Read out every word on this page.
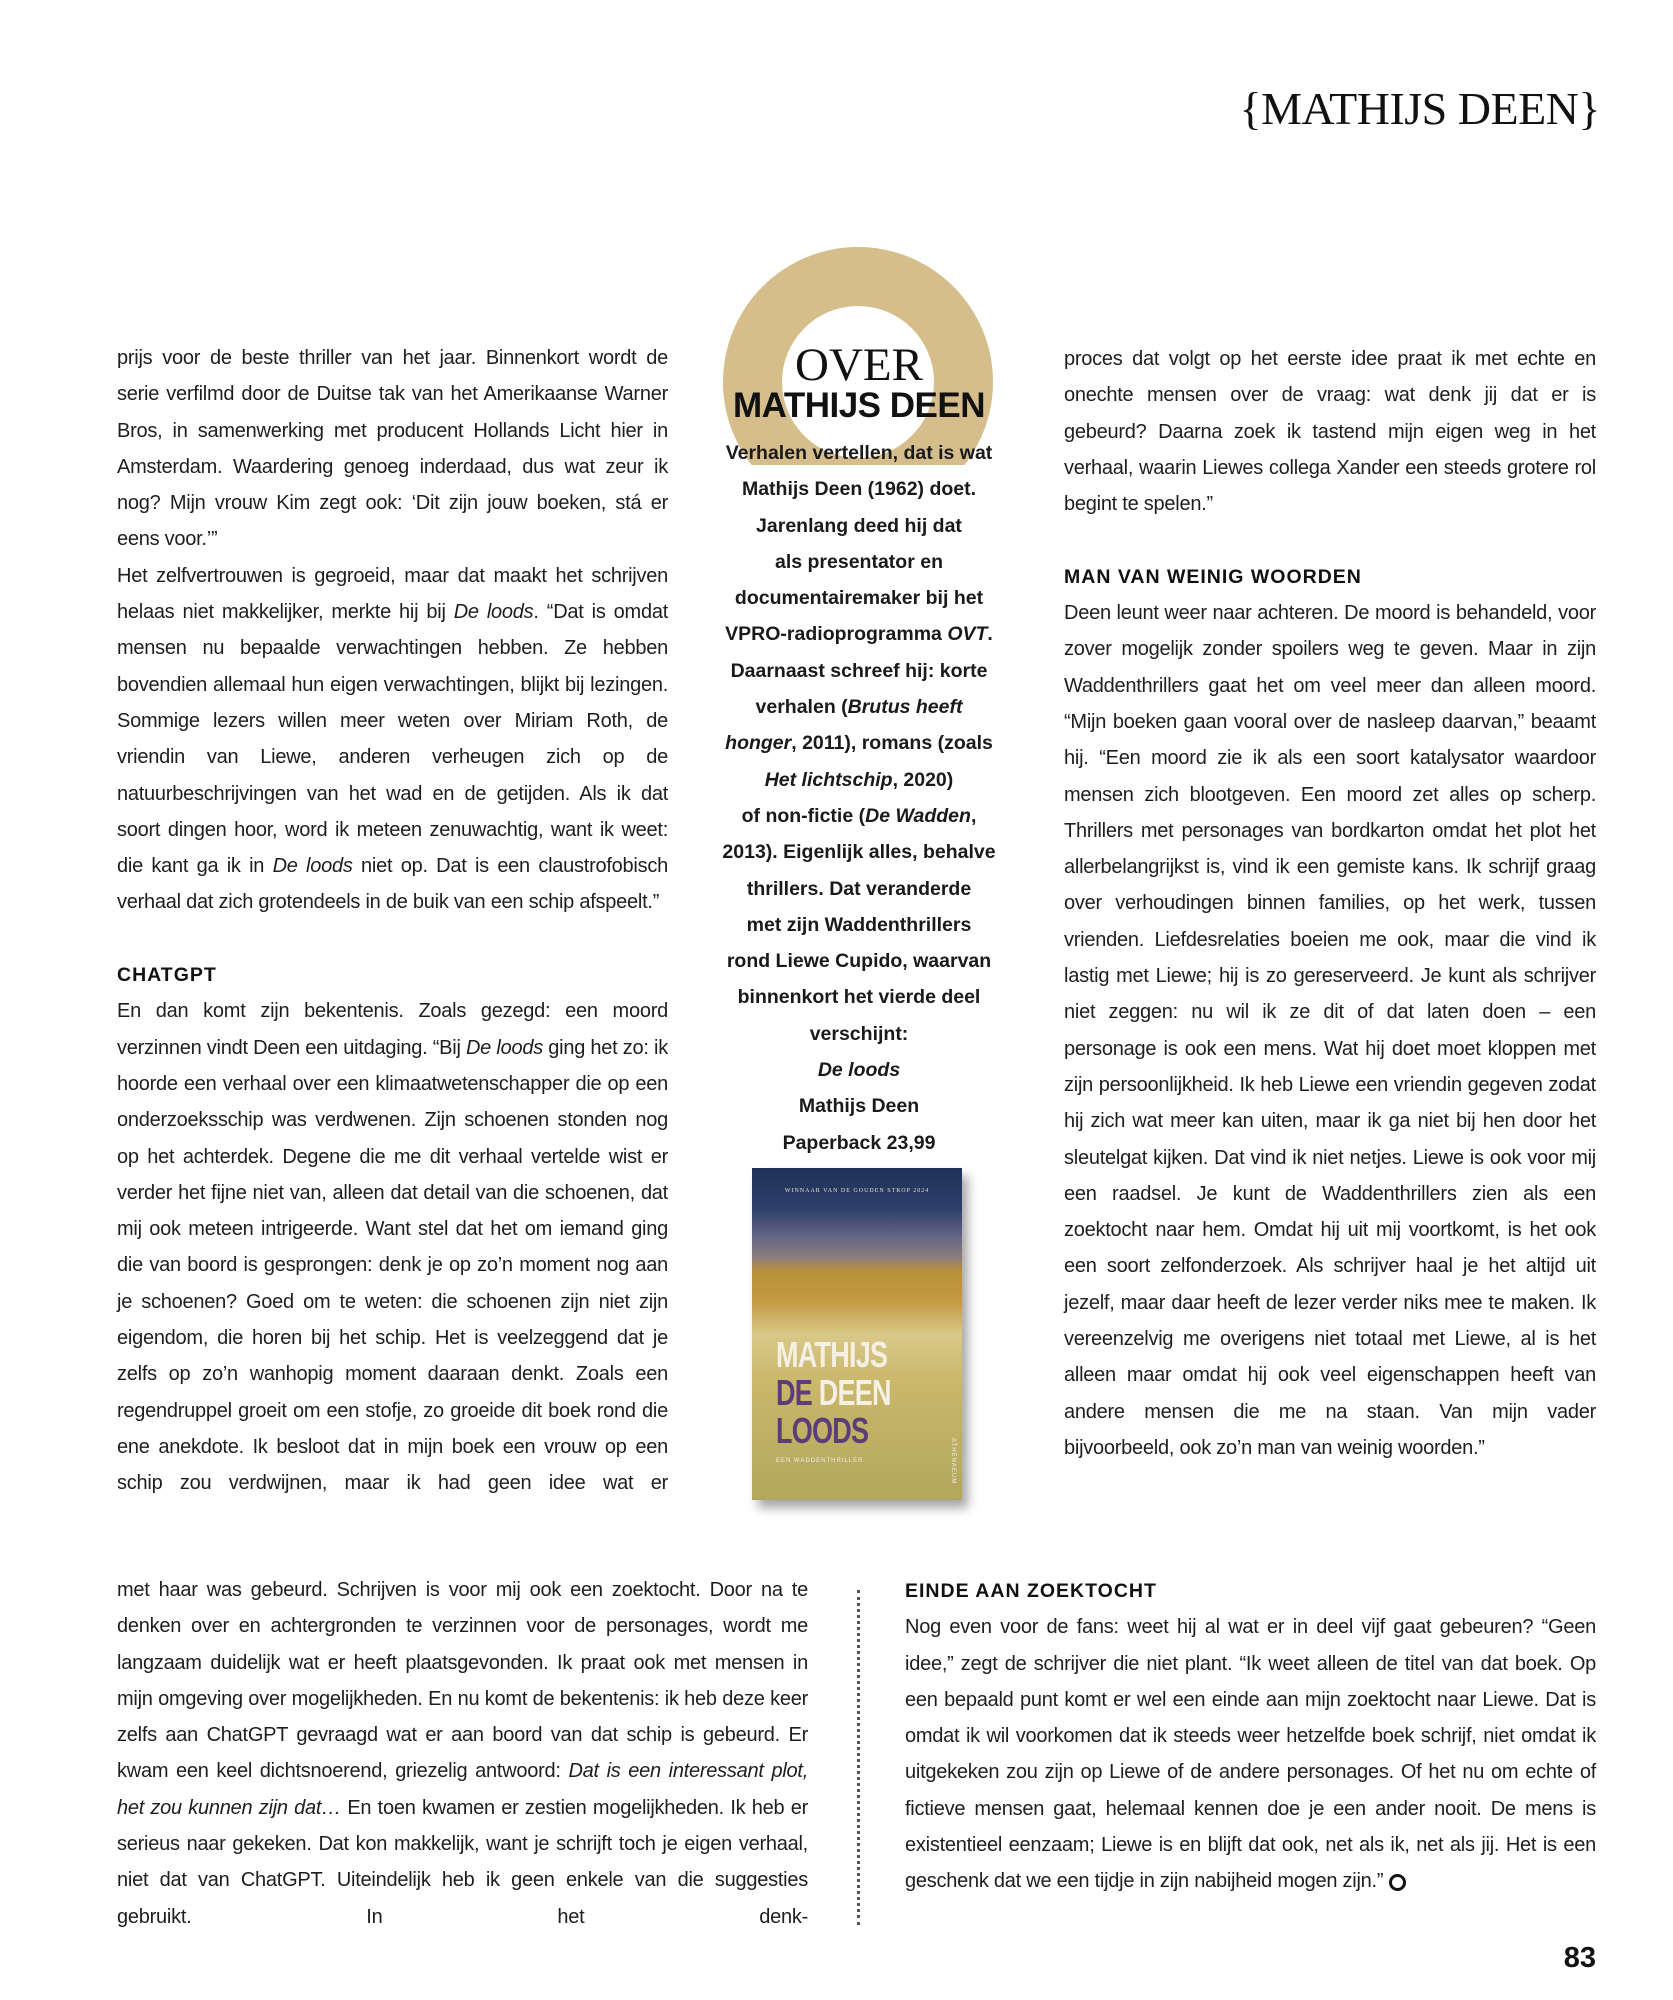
{MATHIJS DEEN}

prijs voor de beste thriller van het jaar. Binnenkort wordt de serie verfilmd door de Duitse tak van het Amerikaanse Warner Bros, in samenwerking met producent Hollands Licht hier in Amsterdam. Waardering genoeg inderdaad, dus wat zeur ik nog? Mijn vrouw Kim zegt ook: ‘Dit zijn jouw boeken, stá er eens voor.’”

Het zelfvertrouwen is gegroeid, maar dat maakt het schrijven helaas niet makkelijker, merkte hij bij De loods. “Dat is omdat mensen nu bepaalde verwachtingen hebben. Ze hebben bovendien allemaal hun eigen verwachtingen, blijkt bij lezingen. Sommige lezers willen meer weten over Miriam Roth, de vriendin van Liewe, anderen verheugen zich op de natuurbeschrijvingen van het wad en de getijden. Als ik dat soort dingen hoor, word ik meteen zenuwachtig, want ik weet: die kant ga ik in De loods niet op. Dat is een claustrofobisch verhaal dat zich grotendeels in de buik van een schip afspeelt.”

CHATGPT

En dan komt zijn bekentenis. Zoals gezegd: een moord verzinnen vindt Deen een uitdaging. “Bij De loods ging het zo: ik hoorde een verhaal over een klimaatwetenschapper die op een onderzoeksschip was verdwenen. Zijn schoenen stonden nog op het achterdek. Degene die me dit verhaal vertelde wist er verder het fijne niet van, alleen dat detail van die schoenen, dat mij ook meteen intrigeerde. Want stel dat het om iemand ging die van boord is gesprongen: denk je op zo’n moment nog aan je schoenen? Goed om te weten: die schoenen zijn niet zijn eigendom, die horen bij het schip. Het is veelzeggend dat je zelfs op zo’n wanhopig moment daaraan denkt. Zoals een regendruppel groeit om een stofje, zo groeide dit boek rond die ene anekdote. Ik besloot dat in mijn boek een vrouw op een schip zou verdwijnen, maar ik had geen idee wat er

met haar was gebeurd. Schrijven is voor mij ook een zoektocht. Door na te denken over en achtergronden te verzinnen voor de personages, wordt me langzaam duidelijk wat er heeft plaatsgevonden. Ik praat ook met mensen in mijn omgeving over mogelijkheden. En nu komt de bekentenis: ik heb deze keer zelfs aan ChatGPT gevraagd wat er aan boord van dat schip is gebeurd. Er kwam een keel dichtsnoerend, griezelig antwoord: Dat is een interessant plot, het zou kunnen zijn dat… En toen kwamen er zestien mogelijkheden. Ik heb er serieus naar gekeken. Dat kon makkelijk, want je schrijft toch je eigen verhaal, niet dat van ChatGPT. Uiteindelijk heb ik geen enkele van die suggesties gebruikt. In het denk-

OVER
MATHIJS DEEN
Verhalen vertellen, dat is wat
Mathijs Deen (1962) doet.
Jarenlang deed hij dat
als presentator en
documentairemaker bij het
VPRO-radioprogramma OVT.
Daarnaast schreef hij: korte
verhalen (Brutus heeft
honger, 2011), romans (zoals
Het lichtschip, 2020)
of non-fictie (De Wadden,
2013). Eigenlijk alles, behalve
thrillers. Dat veranderde
met zijn Waddenthrillers
rond Liewe Cupido, waarvan
binnenkort het vierde deel
verschijnt:
De loods
Mathijs Deen
Paperback 23,99
WINNAAR VAN DE GOUDEN STROP 2024
MATHIJS
DE DEEN
LOODS
EEN WADDENTHRILLER	ATHENAEUM

proces dat volgt op het eerste idee praat ik met echte en onechte mensen over de vraag: wat denk jij dat er is gebeurd? Daarna zoek ik tastend mijn eigen weg in het verhaal, waarin Liewes collega Xander een steeds grotere rol begint te spelen.”

MAN VAN WEINIG WOORDEN

Deen leunt weer naar achteren. De moord is behandeld, voor zover mogelijk zonder spoilers weg te geven. Maar in zijn Waddenthrillers gaat het om veel meer dan alleen moord. “Mijn boeken gaan vooral over de nasleep daarvan,” beaamt hij. “Een moord zie ik als een soort katalysator waardoor mensen zich blootgeven. Een moord zet alles op scherp. Thrillers met personages van bordkarton omdat het plot het allerbelangrijkst is, vind ik een gemiste kans. Ik schrijf graag over verhoudingen binnen families, op het werk, tussen vrienden. Liefdesrelaties boeien me ook, maar die vind ik lastig met Liewe; hij is zo gereserveerd. Je kunt als schrijver niet zeggen: nu wil ik ze dit of dat laten doen – een personage is ook een mens. Wat hij doet moet kloppen met zijn persoonlijkheid. Ik heb Liewe een vriendin gegeven zodat hij zich wat meer kan uiten, maar ik ga niet bij hen door het sleutelgat kijken. Dat vind ik niet netjes. Liewe is ook voor mij een raadsel. Je kunt de Waddenthrillers zien als een zoektocht naar hem. Omdat hij uit mij voortkomt, is het ook een soort zelfonderzoek. Als schrijver haal je het altijd uit jezelf, maar daar heeft de lezer verder niks mee te maken. Ik vereenzelvig me overigens niet totaal met Liewe, al is het alleen maar omdat hij ook veel eigenschappen heeft van andere mensen die me na staan. Van mijn vader bijvoorbeeld, ook zo’n man van weinig woorden.”

EINDE AAN ZOEKTOCHT

Nog even voor de fans: weet hij al wat er in deel vijf gaat gebeuren? “Geen idee,” zegt de schrijver die niet plant. “Ik weet alleen de titel van dat boek. Op een bepaald punt komt er wel een einde aan mijn zoektocht naar Liewe. Dat is omdat ik wil voorkomen dat ik steeds weer hetzelfde boek schrijf, niet omdat ik uitgekeken zou zijn op Liewe of de andere personages. Of het nu om echte of fictieve mensen gaat, helemaal kennen doe je een ander nooit. De mens is existentieel eenzaam; Liewe is en blijft dat ook, net als ik, net als jij. Het is een geschenk dat we een tijdje in zijn nabijheid mogen zijn.”

83
